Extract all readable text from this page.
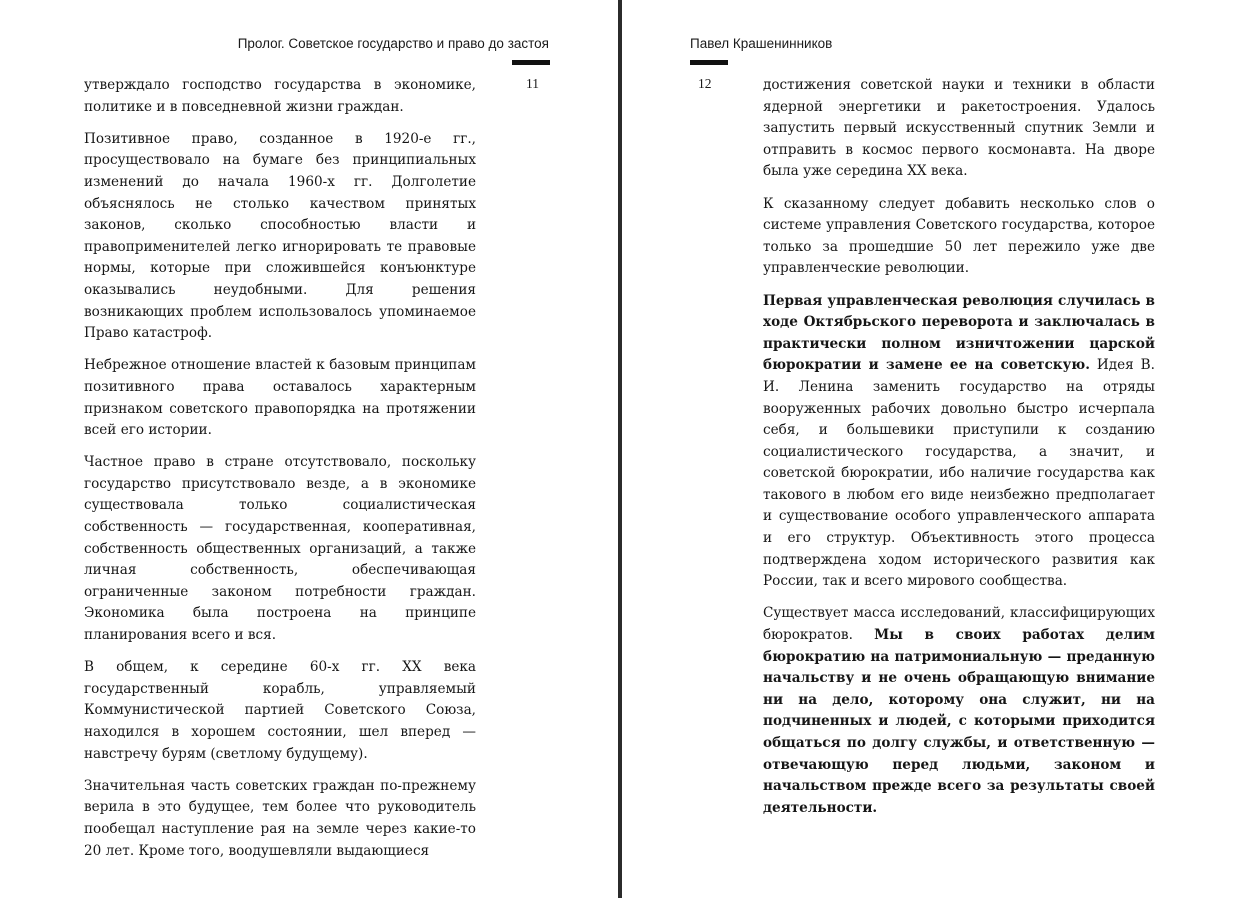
Пролог. Советское государство и право до застоя
11

утверждало господство государства в экономике, политике и в повседневной жизни граждан.

Позитивное право, созданное в 1920-е гг., просуществовало на бумаге без принципиальных изменений до начала 1960-х гг. Долголетие объяснялось не столько качеством принятых законов, сколько способностью власти и правоприменителей легко игнорировать те правовые нормы, которые при сложившейся конъюнктуре оказывались неудобными. Для решения возникающих проблем использовалось упоминаемое Право катастроф.

Небрежное отношение властей к базовым принципам позитивного права оставалось характерным признаком советского правопорядка на протяжении всей его истории.

Частное право в стране отсутствовало, поскольку государство присутствовало везде, а в экономике существовала только социалистическая собственность — государственная, кооперативная, собственность общественных организаций, а также личная собственность, обеспечивающая ограниченные законом потребности граждан. Экономика была построена на принципе планирования всего и вся.

В общем, к середине 60-х гг. XX века государственный корабль, управляемый Коммунистической партией Советского Союза, находился в хорошем состоянии, шел вперед — навстречу бурям (светлому будущему).

Значительная часть советских граждан по-прежнему верила в это будущее, тем более что руководитель пообещал наступление рая на земле через какие-то 20 лет. Кроме того, воодушевляли выдающиеся

Павел Крашенинников
12	достижения советской науки и техники в области ядерной энергетики и ракетостроения. Удалось запустить первый искусственный спутник Земли и отправить в космос первого космонавта. На дворе была уже середина XX века.

К сказанному следует добавить несколько слов о системе управления Советского государства, которое только за прошедшие 50 лет пережило уже две управленческие революции.

Первая управленческая революция случилась в ходе Октябрьского переворота и заключалась в практически полном изничтожении царской бюрократии и замене ее на советскую. Идея В. И. Ленина заменить государство на отряды вооруженных рабочих довольно быстро исчерпала себя, и большевики приступили к созданию социалистического государства, а значит, и советской бюрократии, ибо наличие государства как такового в любом его виде неизбежно предполагает и существование особого управленческого аппарата и его структур. Объективность этого процесса подтверждена ходом исторического развития как России, так и всего мирового сообщества.

Существует масса исследований, классифицирующих бюрократов. Мы в своих работах делим бюрократию на патримониальную — преданную начальству и не очень обращающую внимание ни на дело, которому она служит, ни на подчиненных и людей, с которыми приходится общаться по долгу службы, и ответственную — отвечающую перед людьми, законом и начальством прежде всего за результаты своей деятельности.
